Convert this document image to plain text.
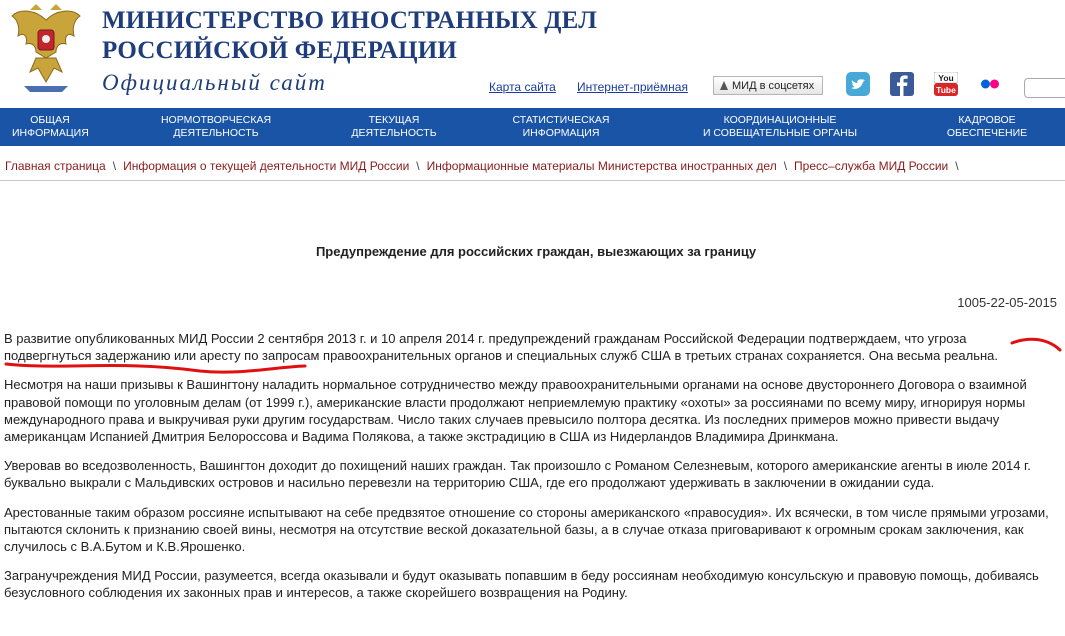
МИНИСТЕРСТВО ИНОСТРАННЫХ ДЕЛ
РОССИЙСКОЙ ФЕДЕРАЦИИ
Официальный сайт	Карта сайта Интернет-приёмная	МИД в соцсетях
You
Tube
ОБЩАЯ
ИНФОРМАЦИЯ
НОРМОТВОРЧЕСКАЯ
ДЕЯТЕЛЬНОСТЬ
ТЕКУЩАЯ
ДЕЯТЕЛЬНОСТЬ
СТАТИСТИЧЕСКАЯ
ИНФОРМАЦИЯ
КООРДИНАЦИОННЫЕ
И СОВЕЩАТЕЛЬНЫЕ ОРГАНЫ
КАДРОВОЕ
ОБЕСПЕЧЕНИЕ
Главная страница \ Информация о текущей деятельности МИД России \ Информационные материалы Министерства иностранных дел \ Пресс–служба МИД России \
Предупреждение для российских граждан, выезжающих за границу
1005-22-05-2015

В развитие опубликованных МИД России 2 сентября 2013 г. и 10 апреля 2014 г. предупреждений гражданам Российской Федерации подтверждаем, что угроза подвергнуться задержанию или аресту по запросам правоохранительных органов и специальных служб США в третьих странах сохраняется. Она весьма реальна.

Несмотря на наши призывы к Вашингтону наладить нормальное сотрудничество между правоохранительными органами на основе двустороннего Договора о взаимной правовой помощи по уголовным делам (от 1999 г.), американские власти продолжают неприемлемую практику «охоты» за россиянами по всему миру, игнорируя нормы международного права и выкручивая руки другим государствам. Число таких случаев превысило полтора десятка. Из последних примеров можно привести выдачу американцам Испанией Дмитрия Белороссова и Вадима Полякова, а также экстрадицию в США из Нидерландов Владимира Дринкмана.

Уверовав во вседозволенность, Вашингтон доходит до похищений наших граждан. Так произошло с Романом Селезневым, которого американские агенты в июле 2014 г. буквально выкрали с Мальдивских островов и насильно перевезли на территорию США, где его продолжают удерживать в заключении в ожидании суда.

Арестованные таким образом россияне испытывают на себе предвзятое отношение со стороны американского «правосудия». Их всячески, в том числе прямыми угрозами, пытаются склонить к признанию своей вины, несмотря на отсутствие веской доказательной базы, а в случае отказа приговаривают к огромным срокам заключения, как случилось с В.А.Бутом и К.В.Ярошенко.

Загранучреждения МИД России, разумеется, всегда оказывали и будут оказывать попавшим в беду россиянам необходимую консульскую и правовую помощь, добиваясь безусловного соблюдения их законных прав и интересов, а также скорейшего возвращения на Родину.
